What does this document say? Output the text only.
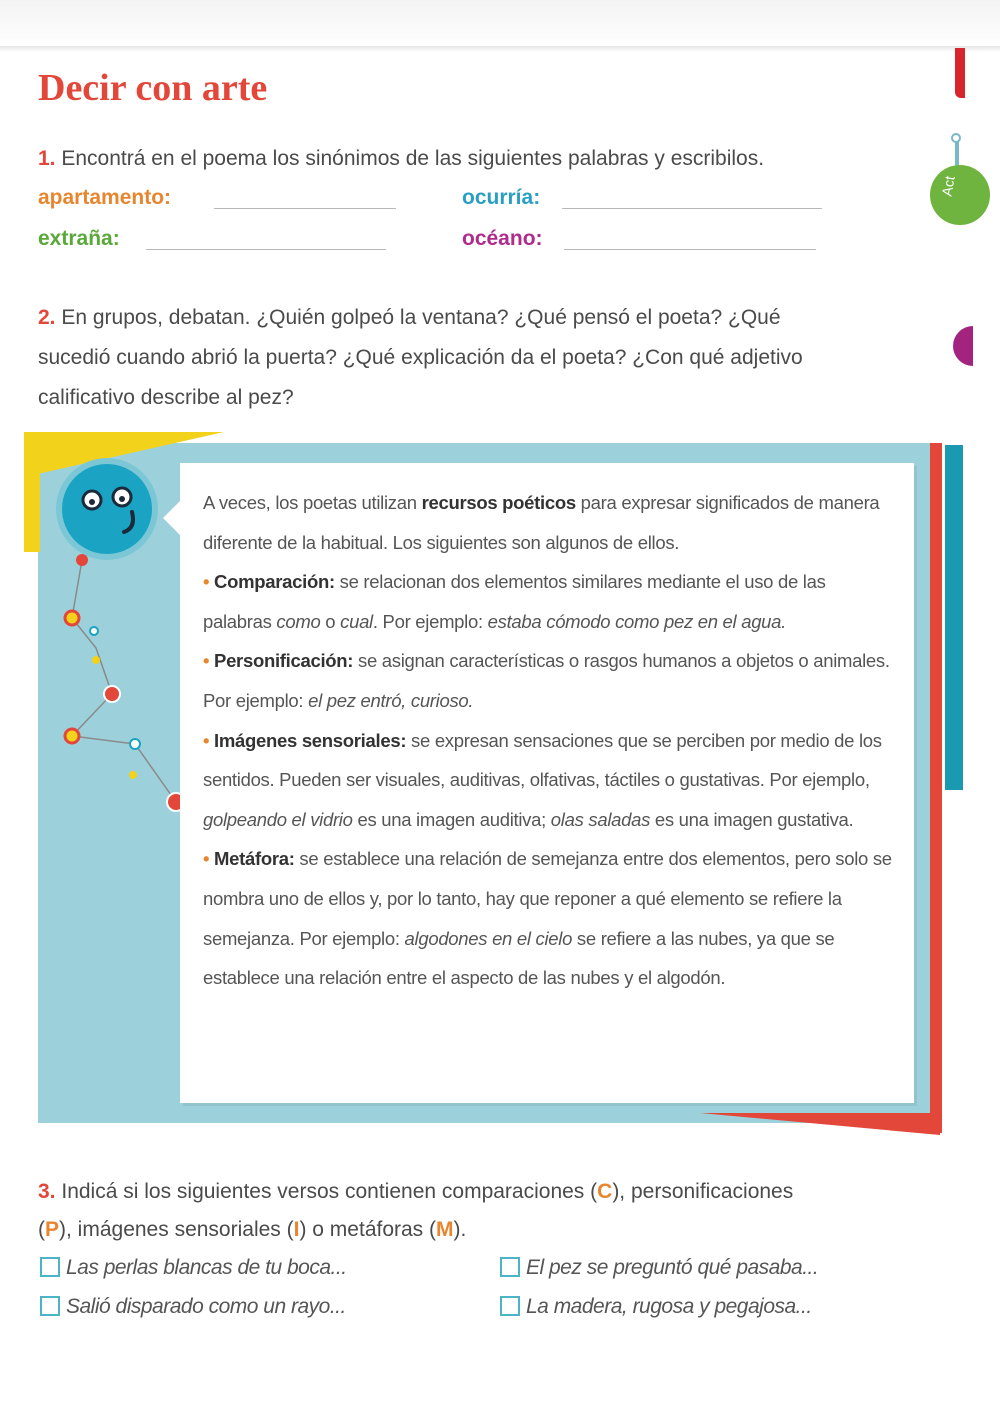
Act
Decir con arte
1. Encontrá en el poema los sinónimos de las siguientes palabras y escribilos.
apartamento:	ocurría:
extraña:	océano:
2. En grupos, debatan. ¿Quién golpeó la ventana? ¿Qué pensó el poeta? ¿Qué
sucedió cuando abrió la puerta? ¿Qué explicación da el poeta? ¿Con qué adjetivo
calificativo describe al pez?

A veces, los poetas utilizan recursos poéticos para expresar significados de manera diferente de la habitual. Los siguientes son algunos de ellos.

• Comparación: se relacionan dos elementos similares mediante el uso de las palabras como o cual. Por ejemplo: estaba cómodo como pez en el agua.

• Personificación: se asignan características o rasgos humanos a objetos o animales. Por ejemplo: el pez entró, curioso.

• Imágenes sensoriales: se expresan sensaciones que se perciben por medio de los sentidos. Pueden ser visuales, auditivas, olfativas, táctiles o gustativas. Por ejemplo, golpeando el vidrio es una imagen auditiva; olas saladas es una imagen gustativa.

• Metáfora: se establece una relación de semejanza entre dos elementos, pero solo se nombra uno de ellos y, por lo tanto, hay que reponer a qué elemento se refiere la semejanza. Por ejemplo: algodones en el cielo se refiere a las nubes, ya que se establece una relación entre el aspecto de las nubes y el algodón.

3. Indicá si los siguientes versos contienen comparaciones (C), personificaciones
(P), imágenes sensoriales (I) o metáforas (M).
Las perlas blancas de tu boca...	El pez se preguntó qué pasaba...
Salió disparado como un rayo...	La madera, rugosa y pegajosa...
